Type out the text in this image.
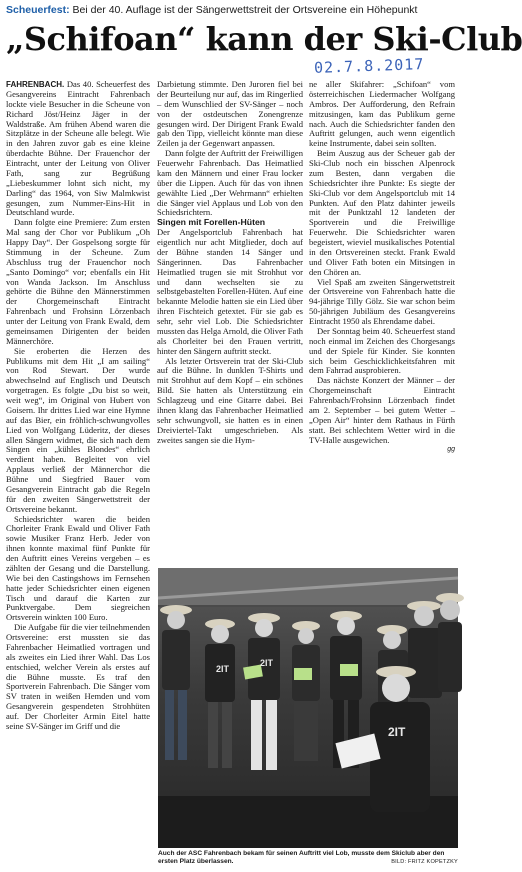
Scheuerfest: Bei der 40. Auflage ist der Sängerwettstreit der Ortsvereine ein Höhepunkt
„Schifoan“ kann der Ski-Club
02.7.8.2017

FAHRENBACH. Das 40. Scheuerfest des Gesangvereins Eintracht Fahrenbach lockte viele Besucher in die Scheune von Richard Jöst/Heinz Jäger in der Waldstraße. Am frühen Abend waren die Sitzplätze in der Scheune alle belegt. Wie in den Jahren zuvor gab es eine kleine überdachte Bühne. Der Frauenchor der Eintracht, unter der Leitung von Oliver Fath, sang zur Begrüßung „Liebeskummer lohnt sich nicht, my Darling“ das 1964, von Siw Malmkwist gesungen, zum Nummer-Eins-Hit in Deutschland wurde.

Dann folgte eine Premiere: Zum ersten Mal sang der Chor vor Publikum „Oh Happy Day“. Der Gospelsong sorgte für Stimmung in der Scheune. Zum Abschluss trug der Frauenchor noch „Santo Domingo“ vor; ebenfalls ein Hit von Wanda Jackson. Im Anschluss gehörte die Bühne den Männerstimmen der Chorgemeinschaft Eintracht Fahrenbach und Frohsinn Lörzenbach unter der Leitung von Frank Ewald, dem gemeinsamen Dirigenten der beiden Männerchöre.

Sie eroberten die Herzen des Publikums mit dem Hit „I am sailing“ von Rod Stewart. Der wurde abwechselnd auf Englisch und Deutsch vorgetragen. Es folgte „Du bist so weit, weit weg“, im Original von Hubert von Goisern. Ihr drittes Lied war eine Hymne auf das Bier, ein fröhlich-schwungvolles Lied von Wolfgang Lüderitz, der dieses allen Sängern widmet, die sich nach dem Singen ein „kühles Blondes“ ehrlich verdient haben. Begleitet von viel Applaus verließ der Männerchor die Bühne und Siegfried Bauer vom Gesangverein Eintracht gab die Regeln für den zweiten Sängerwettstreit der Ortsvereine bekannt.

Schiedsrichter waren die beiden Chorleiter Frank Ewald und Oliver Fath sowie Musiker Franz Herb. Jeder von ihnen konnte maximal fünf Punkte für den Auftritt eines Vereins vergeben – es zählten der Gesang und die Darstellung. Wie bei den Castingshows im Fernsehen hatte jeder Schiedsrichter einen eigenen Tisch und darauf die Karten zur Punktvergabe. Dem siegreichen Ortsverein winkten 100 Euro.

Die Aufgabe für die vier teilnehmenden Ortsvereine: erst mussten sie das Fahrenbacher Heimatlied vortragen und als zweites ein Lied ihrer Wahl. Das Los entschied, welcher Verein als erstes auf die Bühne musste. Es traf den Sportverein Fahrenbach. Die Sänger vom SV traten in weißen Hemden und vom Gesangverein gespendeten Strohhüten auf. Der Chorleiter Armin Eitel hatte seine SV-Sänger im Griff und die

Darbietung stimmte. Den Juroren fiel bei der Beurteilung nur auf, das im Ringerlied – dem Wunschlied der SV-Sänger – noch von der ostdeutschen Zonengrenze gesungen wird. Der Dirigent Frank Ewald gab den Tipp, vielleicht könnte man diese Zeilen ja der Gegenwart anpassen.

Dann folgte der Auftritt der Freiwilligen Feuerwehr Fahrenbach. Das Heimatlied kam den Männern und einer Frau locker über die Lippen. Auch für das von ihnen gewählte Lied „Der Wehrmann“ erhielten die Sänger viel Applaus und Lob von den Schiedsrichtern.

Singen mit Forellen-Hüten

Der Angelsportclub Fahrenbach hat eigentlich nur acht Mitglieder, doch auf der Bühne standen 14 Sänger und Sängerinnen. Das Fahrenbacher Heimatlied trugen sie mit Strohhut vor und dann wechselten sie zu selbstgebastelten Forellen-Hüten. Auf eine bekannte Melodie hatten sie ein Lied über ihren Fischteich getextet. Für sie gab es sehr, sehr viel Lob. Die Schiedsrichter mussten das Helga Arnold, die Oliver Fath als Chorleiter bei den Frauen vertritt, hinter den Sängern auftritt steckt.

Als letzter Ortsverein trat der Ski-Club auf die Bühne. In dunklen T-Shirts und mit Strohhut auf dem Kopf – ein schönes Bild. Sie hatten als Unterstützung ein Schlagzeug und eine Gitarre dabei. Bei ihnen klang das Fahrenbacher Heimatlied sehr schwungvoll, sie hatten es in einen Dreiviertel-Takt umgeschrieben. Als zweites sangen sie die Hym-

ne aller Skifahrer: „Schifoan“ vom österreichischen Liedermacher Wolfgang Ambros. Der Aufforderung, den Refrain mitzusingen, kam das Publikum gerne nach. Auch die Schiedsrichter fanden den Auftritt gelungen, auch wenn eigentlich keine Instrumente, dabei sein sollten.

Beim Auszug aus der Scheuer gab der Ski-Club noch ein bisschen Alpenrock zum Besten, dann vergaben die Schiedsrichter ihre Punkte: Es siegte der Ski-Club vor dem Angelsportclub mit 14 Punkten. Auf den Platz dahinter jeweils mit der Punktzahl 12 landeten der Sportverein und die Freiwillige Feuerwehr. Die Schiedsrichter waren begeistert, wieviel musikalisches Potential in den Ortsvereinen steckt. Frank Ewald und Oliver Fath boten ein Mitsingen in den Chören an.

Viel Spaß am zweiten Sängerwettstreit der Ortsvereine von Fahrenbach hatte die 94-jährige Tilly Gölz. Sie war schon beim 50-jährigen Jubiläum des Gesangvereins Eintracht 1950 als Ehrendame dabei.

Der Sonntag beim 40. Scheuerfest stand noch einmal im Zeichen des Chorgesangs und der Spiele für Kinder. Sie konnten sich beim Geschicklichkeitsfahren mit dem Fahrrad ausprobieren.

Das nächste Konzert der Männer – der Chorgemeinschaft Eintracht Fahrenbach/Frohsinn Lörzenbach findet am 2. September – bei gutem Wetter – „Open Air“ hinter dem Rathaus in Fürth statt. Bei schlechtem Wetter wird in die TV-Halle ausgewichen.

gg
2IT
2IT
2IT
Auch der ASC Fahrenbach bekam für seinen Auftritt viel Lob, musste dem Skiclub aber den ersten Platz überlassen.	BILD: FRITZ KOPETZKY
